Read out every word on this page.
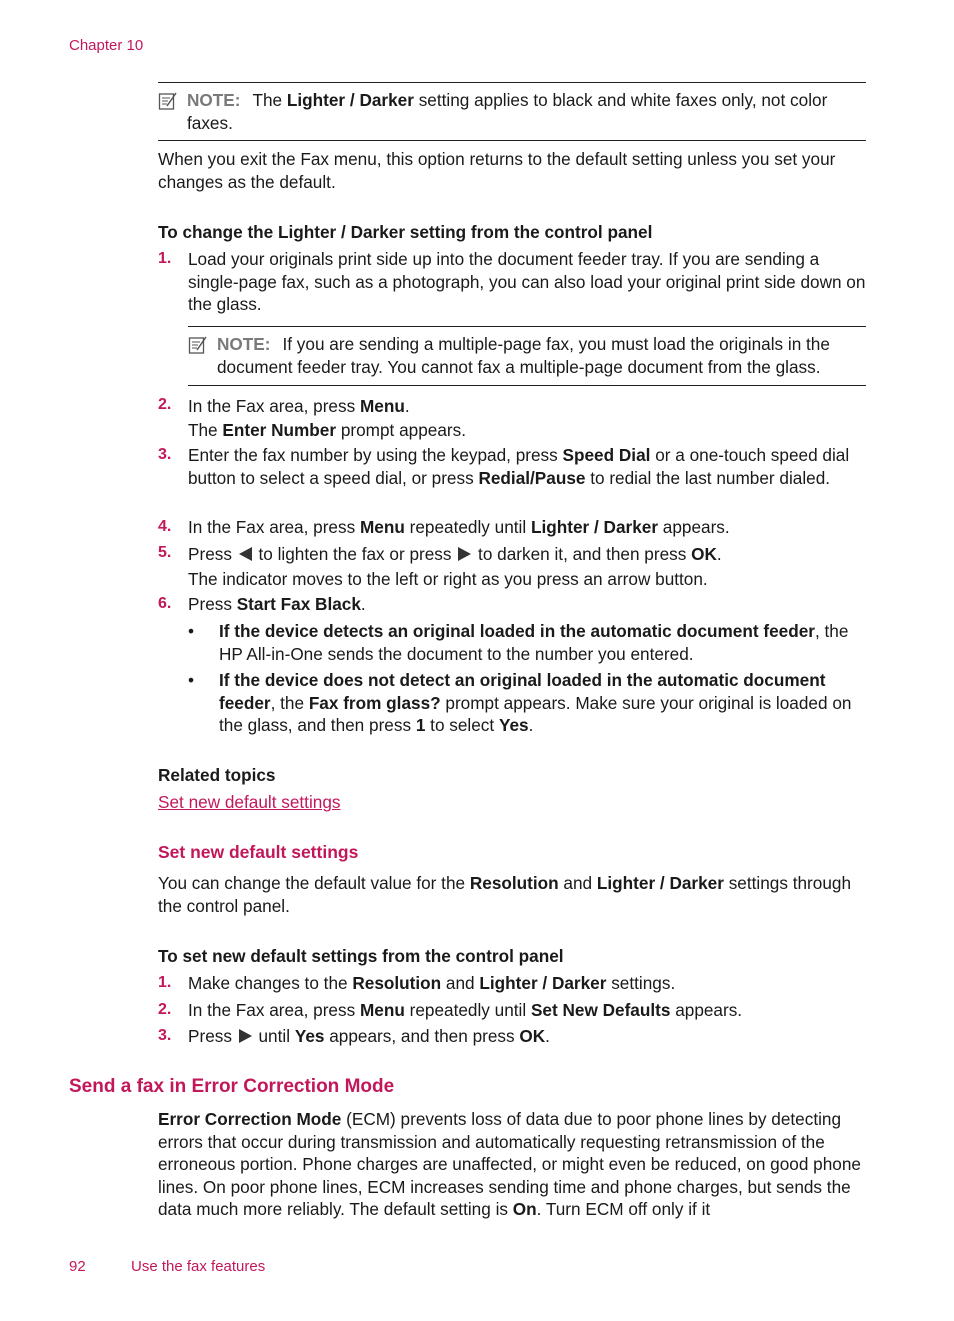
Chapter 10
NOTE: The Lighter / Darker setting applies to black and white faxes only, not color faxes.
When you exit the Fax menu, this option returns to the default setting unless you set your changes as the default.
To change the Lighter / Darker setting from the control panel
1. Load your originals print side up into the document feeder tray. If you are sending a single-page fax, such as a photograph, you can also load your original print side down on the glass.
NOTE: If you are sending a multiple-page fax, you must load the originals in the document feeder tray. You cannot fax a multiple-page document from the glass.
2. In the Fax area, press Menu.
The Enter Number prompt appears.
3. Enter the fax number by using the keypad, press Speed Dial or a one-touch speed dial button to select a speed dial, or press Redial/Pause to redial the last number dialed.
4. In the Fax area, press Menu repeatedly until Lighter / Darker appears.
5. Press  to lighten the fax or press  to darken it, and then press OK.
The indicator moves to the left or right as you press an arrow button.
6. Press Start Fax Black.
• If the device detects an original loaded in the automatic document feeder, the HP All-in-One sends the document to the number you entered.
• If the device does not detect an original loaded in the automatic document feeder, the Fax from glass? prompt appears. Make sure your original is loaded on the glass, and then press 1 to select Yes.
Related topics
Set new default settings
Set new default settings
You can change the default value for the Resolution and Lighter / Darker settings through the control panel.
To set new default settings from the control panel
1. Make changes to the Resolution and Lighter / Darker settings.
2. In the Fax area, press Menu repeatedly until Set New Defaults appears.
3. Press  until Yes appears, and then press OK.
Send a fax in Error Correction Mode
Error Correction Mode (ECM) prevents loss of data due to poor phone lines by detecting errors that occur during transmission and automatically requesting retransmission of the erroneous portion. Phone charges are unaffected, or might even be reduced, on good phone lines. On poor phone lines, ECM increases sending time and phone charges, but sends the data much more reliably. The default setting is On. Turn ECM off only if it
92	Use the fax features
